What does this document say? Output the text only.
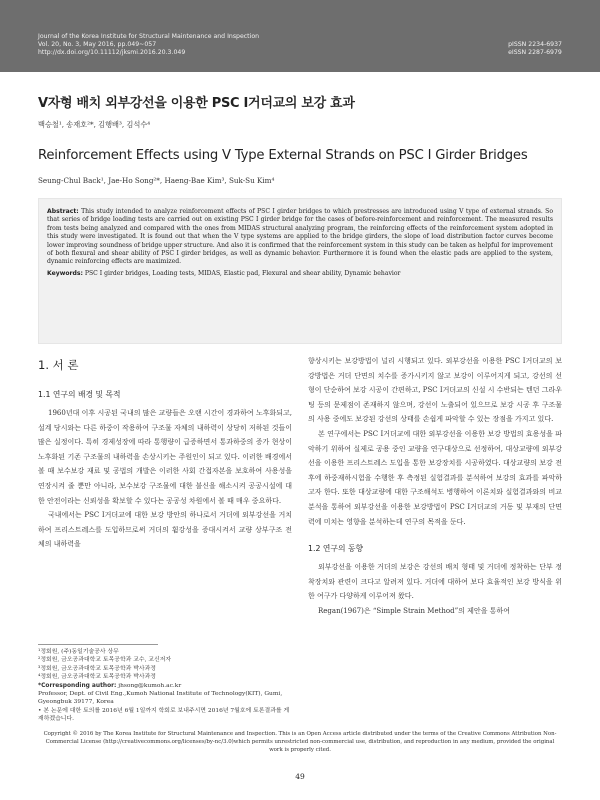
Journal of the Korea Institute for Structural Maintenance and Inspection
Vol. 20, No. 3, May 2016, pp.049~057
http://dx.doi.org/10.11112/jksmi.2016.20.3.049
pISSN 2234-6937
eISSN 2287-6979
V자형 배치 외부강선을 이용한 PSC I거더교의 보강 효과
백승철¹, 송재호²*, 김행배³, 김석수⁴
Reinforcement Effects using V Type External Strands on PSC I Girder Bridges
Seung-Chul Back¹, Jae-Ho Song²*, Haeng-Bae Kim³, Suk-Su Kim⁴
Abstract: This study intended to analyze reinforcement effects of PSC I girder bridges to which prestresses are introduced using V type of external strands. So that series of bridge loading tests are carried out on existing PSC I girder bridge for the cases of before-reinforcement and reinforcement. The measured results from tests being analyzed and compared with the ones from MIDAS structural analyzing program, the reinforcing effects of the reinforcement system adopted in this study were investigated. It is found out that when the V type systems are applied to the bridge girders, the slope of load distribution factor curves become lower improving soundness of bridge upper structure. And also it is confirmed that the reinforcement system in this study can be taken as helpful for improvement of both flexural and shear ability of PSC I girder bridges, as well as dynamic behavior. Furthermore it is found when the elastic pads are applied to the system, dynamic reinforcing effects are maximized.
Keywords: PSC I girder bridges, Loading tests, MIDAS, Elastic pad, Flexural and shear ability, Dynamic behavior
1. 서 론
1.1 연구의 배경 및 목적

1960년대 이후 시공된 국내의 많은 교량들은 오랜 시간이 경과하여 노후화되고, 설계 당시와는 다른 하중이 작용하여 구조물 자체의 내하력이 상당히 저하된 것들이 많은 실정이다. 특히 경제성장에 따라 통행량이 급증하면서 통과하중의 증가 현상이 노후화된 기존 구조물의 내하력을 손상시키는 주원인이 되고 있다. 이러한 배경에서 볼 때 보수보강 재료 및 공법의 개발은 이러한 사회 간접자본을 보호하여 사용성을 연장시켜 줄 뿐만 아니라, 보수보강 구조물에 대한 불신을 해소시켜 공공시설에 대한 안전이라는 신뢰성을 확보할 수 있다는 공공성 차원에서 볼 때 매우 중요하다.

국내에서는 PSC I거더교에 대한 보강 방안의 하나로서 거더에 외부강선을 거치하여 프리스트레스를 도입하므로써 거더의 휨강성을 증대시켜서 교량 상부구조 전체의 내하력을

향상시키는 보강방법이 널리 시행되고 있다. 외부강선을 이용한 PSC I거더교의 보강방법은 거더 단면의 치수를 증가시키지 않고 보강이 이루어지게 되고, 강선의 선형이 단순하여 보강 시공이 간편하고, PSC I거더교의 신설 시 수반되는 텐던 그라우팅 등의 문제점이 존재하지 않으며, 강선이 노출되어 있으므로 보강 시공 후 구조물의 사용 중에도 보강된 강선의 상태를 손쉽게 파악할 수 있는 장점을 가지고 있다.

본 연구에서는 PSC I거더교에 대한 외부강선을 이용한 보강 방법의 효용성을 파악하기 위하여 실제로 공용 중인 교량을 연구대상으로 선정하여, 대상교량에 외부강선을 이용한 프리스트레스 도입을 통한 보강장치를 시공하였다. 대상교량의 보강 전 후에 하중재하시험을 수행한 후 측정된 실험결과를 분석하여 보강의 효과를 파악하고자 한다. 또한 대상교량에 대한 구조해석도 병행하여 이론치와 실험결과와의 비교분석을 통하여 외부강선을 이용한 보강방법이 PSC I거더교의 거동 및 부재의 단면력에 미치는 영향을 분석하는데 연구의 목적을 둔다.

1.2 연구의 동향

외부강선을 이용한 거더의 보강은 강선의 배치 형태 및 거더에 정착하는 단부 정착장치와 관련이 크다고 알려져 있다. 거더에 대하여 보다 효율적인 보강 방식을 위한 여구가 다양하게 이루어져 왔다.

Regan(1967)은 “Simple Strain Method”의 제안을 통하여

¹정회원, (주)동일기술공사 상무
²정회원, 금오공과대학교 토목공학과 교수, 교신저자
³정회원, 금오공과대학교 토목공학과 박사과정
⁴정회원, 금오공과대학교 토목공학과 박사과정
*Corresponding author: jhsong@kumoh.ac.kr
Professor, Dept. of Civil Eng.,Kumoh National Institute of Technology(KIT), Gumi, Gyeongbuk 39177, Korea
• 본 논문에 대한 토의를 2016년 6월 1일까지 학회로 보내주시면 2016년 7월호에 토론결과를 게재하겠습니다.
Copyright © 2016 by The Korea Institute for Structural Maintenance and Inspection. This is an Open Access article distributed under the terms of the Creative Commons Attribution Non-Commercial License (http://creativecommons.org/licenses/by-nc/3.0)which permits unrestricted non-commercial use, distribution, and reproduction in any medium, provided the original work is properly cited.
49
